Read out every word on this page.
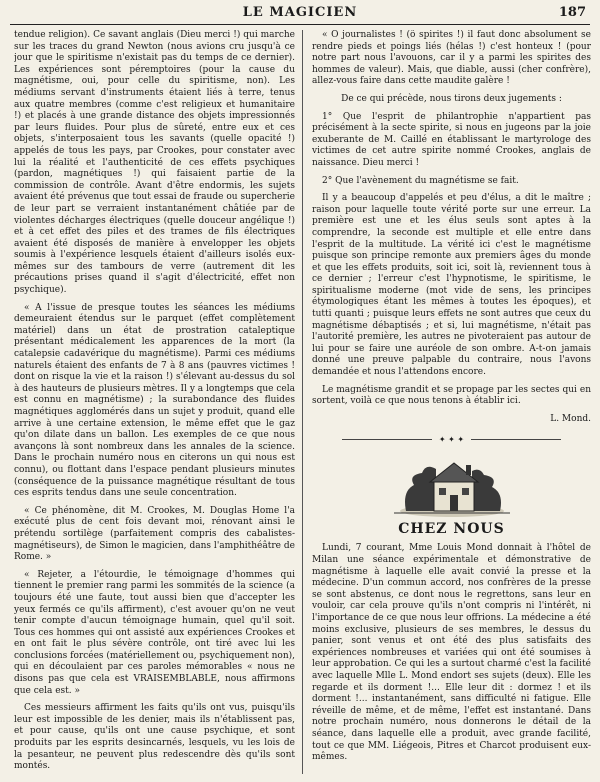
LE MAGICIEN	187

tendue religion). Ce savant anglais (Dieu merci !) qui marche sur les traces du grand Newton (nous avions cru jusqu'à ce jour que le spiritisme n'existait pas du temps de ce dernier). Les expériences sont péremptoires (pour la cause du magnétisme, oui, pour celle du spiritisme, non). Les médiums servant d'instruments étaient liés à terre, tenus aux quatre membres (comme c'est religieux et humanitaire !) et placés à une grande distance des objets impressionnés par leurs fluides. Pour plus de sûreté, entre eux et ces objets, s'interposaient tous les savants (quelle opacité !) appelés de tous les pays, par Crookes, pour constater avec lui la réalité et l'authenticité de ces effets psychiques (pardon, magnétiques !) qui faisaient partie de la commission de contrôle. Avant d'être endormis, les sujets avaient été prévenus que tout essai de fraude ou supercherie de leur part se verraient instantanément châtiée par de violentes décharges électriques (quelle douceur angélique !) et à cet effet des piles et des trames de fils électriques avaient été disposés de manière à envelopper les objets soumis à l'expérience lesquels étaient d'ailleurs isolés eux-mêmes sur des tambours de verre (autrement dit les précautions prises quand il s'agit d'électricité, effet non psychique).

« A l'issue de presque toutes les séances les médiums demeuraient étendus sur le parquet (effet complètement matériel) dans un état de prostration cataleptique présentant médicalement les apparences de la mort (la catalepsie cadavérique du magnétisme). Parmi ces médiums naturels étaient des enfants de 7 à 8 ans (pauvres victimes ! dont on risque la vie et la raison !) s'élevant au-dessus du sol à des hauteurs de plusieurs mètres. Il y a longtemps que cela est connu en magnétisme) ; la surabondance des fluides magnétiques agglomérés dans un sujet y produit, quand elle arrive à une certaine extension, le même effet que le gaz qu'on dilate dans un ballon. Les exemples de ce que nous avançons là sont nombreux dans les annales de la science. Dans le prochain numéro nous en citerons un qui nous est connu), ou flottant dans l'espace pendant plusieurs minutes (conséquence de la puissance magnétique résultant de tous ces esprits tendus dans une seule concentration.

« Ce phénomène, dit M. Crookes, M. Douglas Home l'a exécuté plus de cent fois devant moi, rénovant ainsi le prétendu sortilège (parfaitement compris des cabalistes-magnétiseurs), de Simon le magicien, dans l'amphithéâtre de Rome. »

« Rejeter, a l'étourdie, le témoignage d'hommes qui tiennent le premier rang parmi les sommités de la science (a toujours été une faute, tout aussi bien que d'accepter les yeux fermés ce qu'ils affirment), c'est avouer qu'on ne veut tenir compte d'aucun témoignage humain, quel qu'il soit. Tous ces hommes qui ont assisté aux expériences Crookes et en ont fait le plus sévère contrôle, ont tiré avec lui les conclusions forcées (matériellement ou, psychiquement non), qui en découlaient par ces paroles mémorables « nous ne disons pas que cela est VRAISEMBLABLE, nous affirmons que cela est. »

Ces messieurs affirment les faits qu'ils ont vus, puisqu'ils leur est impossible de les denier, mais ils n'établissent pas, et pour cause, qu'ils ont une cause psychique, et sont produits par les esprits desincarnés, lesquels, vu les lois de la pesanteur, ne peuvent plus redescendre dès qu'ils sont montés.

« O journalistes ! (ô spirites !) il faut donc absolument se rendre pieds et poings liés (hélas !) c'est honteux ! (pour notre part nous l'avouons, car il y a parmi les spirites des hommes de valeur). Mais, que diable, aussi (cher confrère), allez-vous faire dans cette maudite galère !

De ce qui précède, nous tirons deux jugements :

1° Que l'esprit de philantrophie n'appartient pas précisément à la secte spirite, si nous en jugeons par la joie exuberante de M. Caillé en établissant le martyrologe des victimes de cet autre spirite nommé Crookes, anglais de naissance. Dieu merci !

2° Que l'avènement du magnétisme se fait.

Il y a beaucoup d'appelés et peu d'élus, a dit le maître ; raison pour laquelle toute vérité porte sur une erreur. La première est une et les élus seuls sont aptes à la comprendre, la seconde est multiple et elle entre dans l'esprit de la multitude. La vérité ici c'est le magnétisme puisque son principe remonte aux premiers âges du monde et que les effets produits, soit ici, soit là, reviennent tous à ce dernier ; l'erreur c'est l'hypnotisme, le spiritisme, le spiritualisme moderne (mot vide de sens, les principes étymologiques étant les mêmes à toutes les époques), et tutti quanti ; puisque leurs effets ne sont autres que ceux du magnétisme débaptisés ; et si, lui magnétisme, n'était pas l'autorité première, les autres ne pivoteraient pas autour de lui pour se faire une auréole de son ombre. A-t-on jamais donné une preuve palpable du contraire, nous l'avons demandée et nous l'attendons encore.

Le magnétisme grandit et se propage par les sectes qui en sortent, voilà ce que nous tenons à établir ici.

L. Mond.

✦ ✦ ✦
CHEZ NOUS

Lundi, 7 courant, Mme Louis Mond donnait à l'hôtel de Milan une séance expérimentale et démonstrative de magnétisme à laquelle elle avait convié la presse et la médecine. D'un commun accord, nos confrères de la presse se sont abstenus, ce dont nous le regrettons, sans leur en vouloir, car cela prouve qu'ils n'ont compris ni l'intérêt, ni l'importance de ce que nous leur offrions. La médecine a été moins exclusive, plusieurs de ses membres, le dessus du panier, sont venus et ont été des plus satisfaits des expériences nombreuses et variées qui ont été soumises à leur approbation. Ce qui les a surtout charmé c'est la facilité avec laquelle Mlle L. Mond endort ses sujets (deux). Elle les regarde et ils dorment !... Elle leur dit : dormez ! et ils dorment !... instantanément, sans difficulté ni fatigue. Elle réveille de même, et de même, l'effet est instantané. Dans notre prochain numéro, nous donnerons le détail de la séance, dans laquelle elle a produit, avec grande facilité, tout ce que MM. Liégeois, Pitres et Charcot produisent eux-mêmes.
